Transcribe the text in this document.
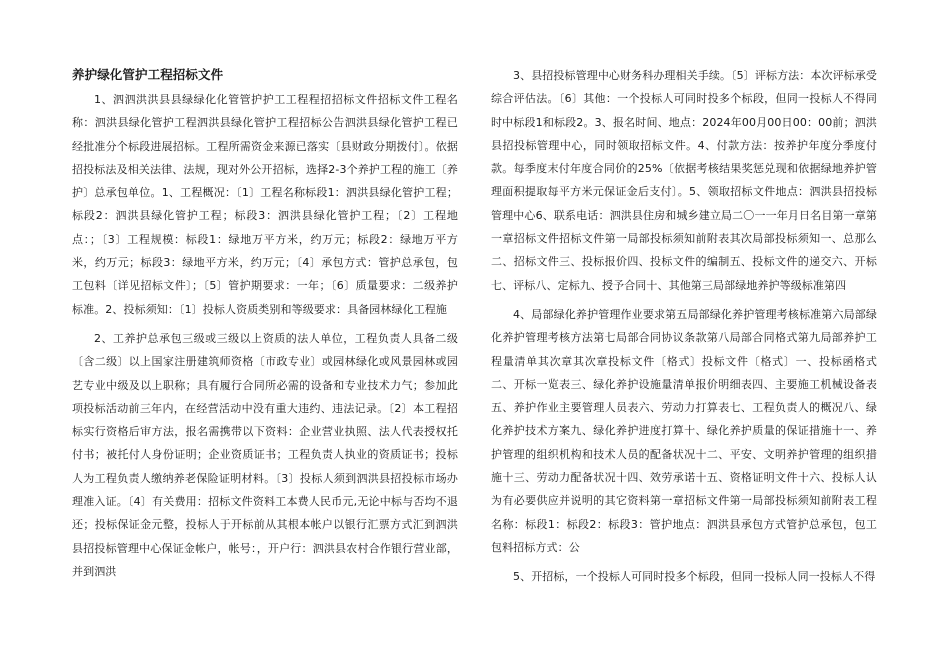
养护绿化管护工程招标文件

1、泗泗洪洪县县绿绿化化管管护护工工程程招招标文件招标文件工程名称：泗洪县绿化管护工程泗洪县绿化管护工程招标公告泗洪县绿化管护工程已经批准分个标段进展招标。工程所需资金来源已落实〔县财政分期拨付〕。依据招投标法及相关法律、法规，现对外公开招标，选择2-3个养护工程的施工〔养护〕总承包单位。1、工程概况：〔1〕工程名称标段1：泗洪县绿化管护工程；标段2：泗洪县绿化管护工程；标段3：泗洪县绿化管护工程；〔2〕工程地点：；〔3〕工程规模：标段1：绿地万平方米，约万元；标段2：绿地万平方米，约万元；标段3：绿地平方米，约万元；〔4〕承包方式：管护总承包，包工包料〔详见招标文件〕；〔5〕管护期要求：一年；〔6〕质量要求：二级养护标准。2、投标须知：〔1〕投标人资质类别和等级要求：具备园林绿化工程施

2、工养护总承包三级或三级以上资质的法人单位，工程负责人具备二级〔含二级〕以上国家注册建筑师资格〔市政专业〕或园林绿化或风景园林或园艺专业中级及以上职称；具有履行合同所必需的设备和专业技术力气；参加此项投标活动前三年内，在经营活动中没有重大违约、违法记录。〔2〕本工程招标实行资格后审方法，报名需携带以下资料：企业营业执照、法人代表授权托付书；被托付人身份证明；企业资质证书；工程负责人执业的资质证书；投标人为工程负责人缴纳养老保险证明材料。〔3〕投标人须到泗洪县招投标市场办理准入证。〔4〕有关费用：招标文件资料工本费人民币元,无论中标与否均不退还；投标保证金元整，投标人于开标前从其根本帐户以银行汇票方式汇到泗洪县招投标管理中心保证金帐户，帐号：，开户行：泗洪县农村合作银行营业部，并到泗洪

3、县招投标管理中心财务科办理相关手续。〔5〕评标方法：本次评标承受综合评估法。〔6〕其他：一个投标人可同时投多个标段，但同一投标人不得同时中标段1和标段2。3、报名时间、地点：2024年00月00日00：00前；泗洪县招投标管理中心，同时领取招标文件。4、付款方法：按养护年度分季度付款。每季度末付年度合同价的25%〔依据考核结果奖惩兑现和依据绿地养护管理面积提取每平方米元保证金后支付〕。5、领取招标文件地点：泗洪县招投标管理中心6、联系电话：泗洪县住房和城乡建立局二〇一一年月日名目第一章第一章招标文件招标文件第一局部投标须知前附表其次局部投标须知一、总那么二、招标文件三、投标报价四、投标文件的编制五、投标文件的递交六、开标七、评标八、定标九、授予合同十、其他第三局部绿地养护等级标准第四

4、局部绿化养护管理作业要求第五局部绿化养护管理考核标准第六局部绿化养护管理考核方法第七局部合同协议条款第八局部合同格式第九局部养护工程量清单其次章其次章投标文件〔格式〕投标文件〔格式〕一、投标函格式二、开标一览表三、绿化养护设施量清单报价明细表四、主要施工机械设备表五、养护作业主要管理人员表六、劳动力打算表七、工程负责人的概况八、绿化养护技术方案九、绿化养护进度打算十、绿化养护质量的保证措施十一、养护管理的组织机构和技术人员的配备状况十二、平安、文明养护管理的组织措施十三、劳动力配备状况十四、效劳承诺十五、资格证明文件十六、投标人认为有必要供应并说明的其它资料第一章招标文件第一局部投标须知前附表工程名称：标段1：标段2：标段3：管护地点：泗洪县承包方式管护总承包，包工包料招标方式：公

5、开招标，一个投标人可同时投多个标段，但同一投标人同一投标人不得
